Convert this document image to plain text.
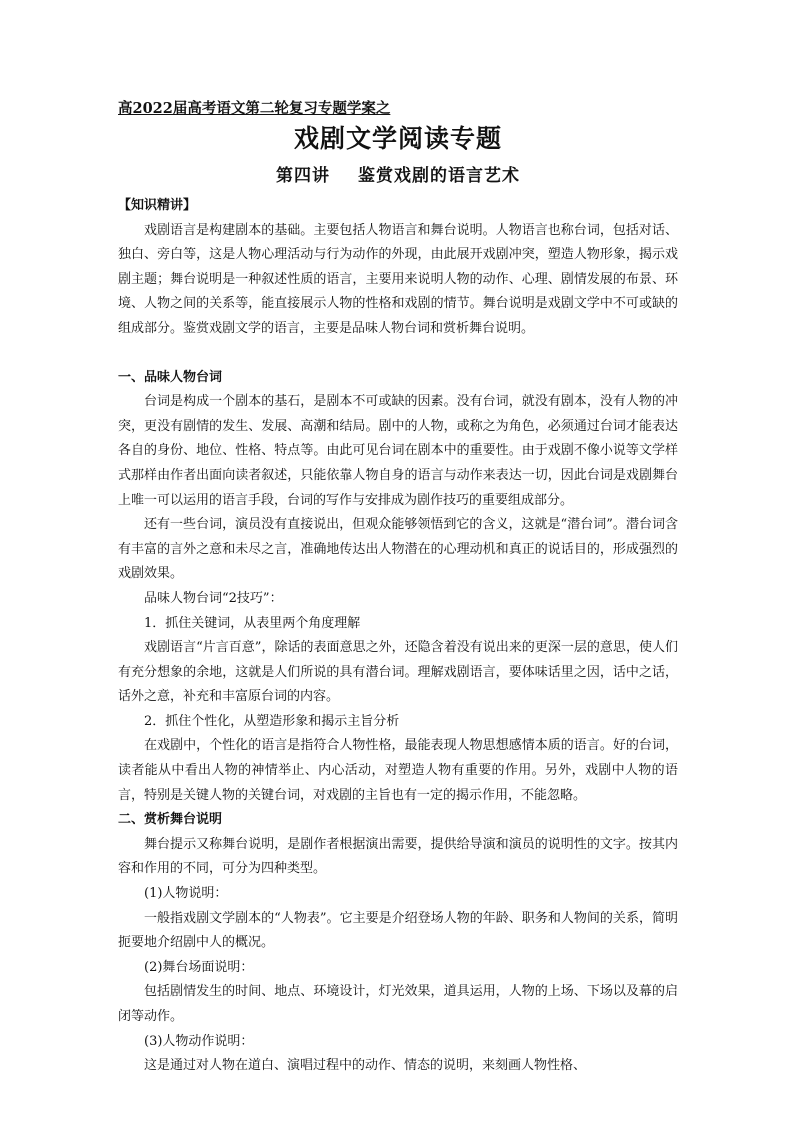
高2022届高考语文第二轮复习专题学案之

戏剧文学阅读专题
第四讲 鉴赏戏剧的语言艺术

【知识精讲】

戏剧语言是构建剧本的基础。主要包括人物语言和舞台说明。人物语言也称台词，包括对话、独白、旁白等，这是人物心理活动与行为动作的外现，由此展开戏剧冲突，塑造人物形象，揭示戏剧主题；舞台说明是一种叙述性质的语言，主要用来说明人物的动作、心理、剧情发展的布景、环境、人物之间的关系等，能直接展示人物的性格和戏剧的情节。舞台说明是戏剧文学中不可或缺的组成部分。鉴赏戏剧文学的语言，主要是品味人物台词和赏析舞台说明。

一、品味人物台词

台词是构成一个剧本的基石，是剧本不可或缺的因素。没有台词，就没有剧本，没有人物的冲突，更没有剧情的发生、发展、高潮和结局。剧中的人物，或称之为角色，必须通过台词才能表达各自的身份、地位、性格、特点等。由此可见台词在剧本中的重要性。由于戏剧不像小说等文学样式那样由作者出面向读者叙述，只能依靠人物自身的语言与动作来表达一切，因此台词是戏剧舞台上唯一可以运用的语言手段，台词的写作与安排成为剧作技巧的重要组成部分。

还有一些台词，演员没有直接说出，但观众能够领悟到它的含义，这就是“潜台词”。潜台词含有丰富的言外之意和未尽之言，准确地传达出人物潜在的心理动机和真正的说话目的，形成强烈的戏剧效果。

品味人物台词“2技巧”：

1．抓住关键词，从表里两个角度理解

戏剧语言“片言百意”，除话的表面意思之外，还隐含着没有说出来的更深一层的意思，使人们有充分想象的余地，这就是人们所说的具有潜台词。理解戏剧语言，要体味话里之因，话中之话，话外之意，补充和丰富原台词的内容。

2．抓住个性化，从塑造形象和揭示主旨分析

在戏剧中，个性化的语言是指符合人物性格，最能表现人物思想感情本质的语言。好的台词，读者能从中看出人物的神情举止、内心活动，对塑造人物有重要的作用。另外，戏剧中人物的语言，特别是关键人物的关键台词，对戏剧的主旨也有一定的揭示作用，不能忽略。

二、赏析舞台说明

舞台提示又称舞台说明，是剧作者根据演出需要，提供给导演和演员的说明性的文字。按其内容和作用的不同，可分为四种类型。

(1)人物说明：

一般指戏剧文学剧本的“人物表”。它主要是介绍登场人物的年龄、职务和人物间的关系，简明扼要地介绍剧中人的概况。

(2)舞台场面说明：

包括剧情发生的时间、地点、环境设计，灯光效果，道具运用，人物的上场、下场以及幕的启闭等动作。

(3)人物动作说明：

这是通过对人物在道白、演唱过程中的动作、情态的说明，来刻画人物性格、
